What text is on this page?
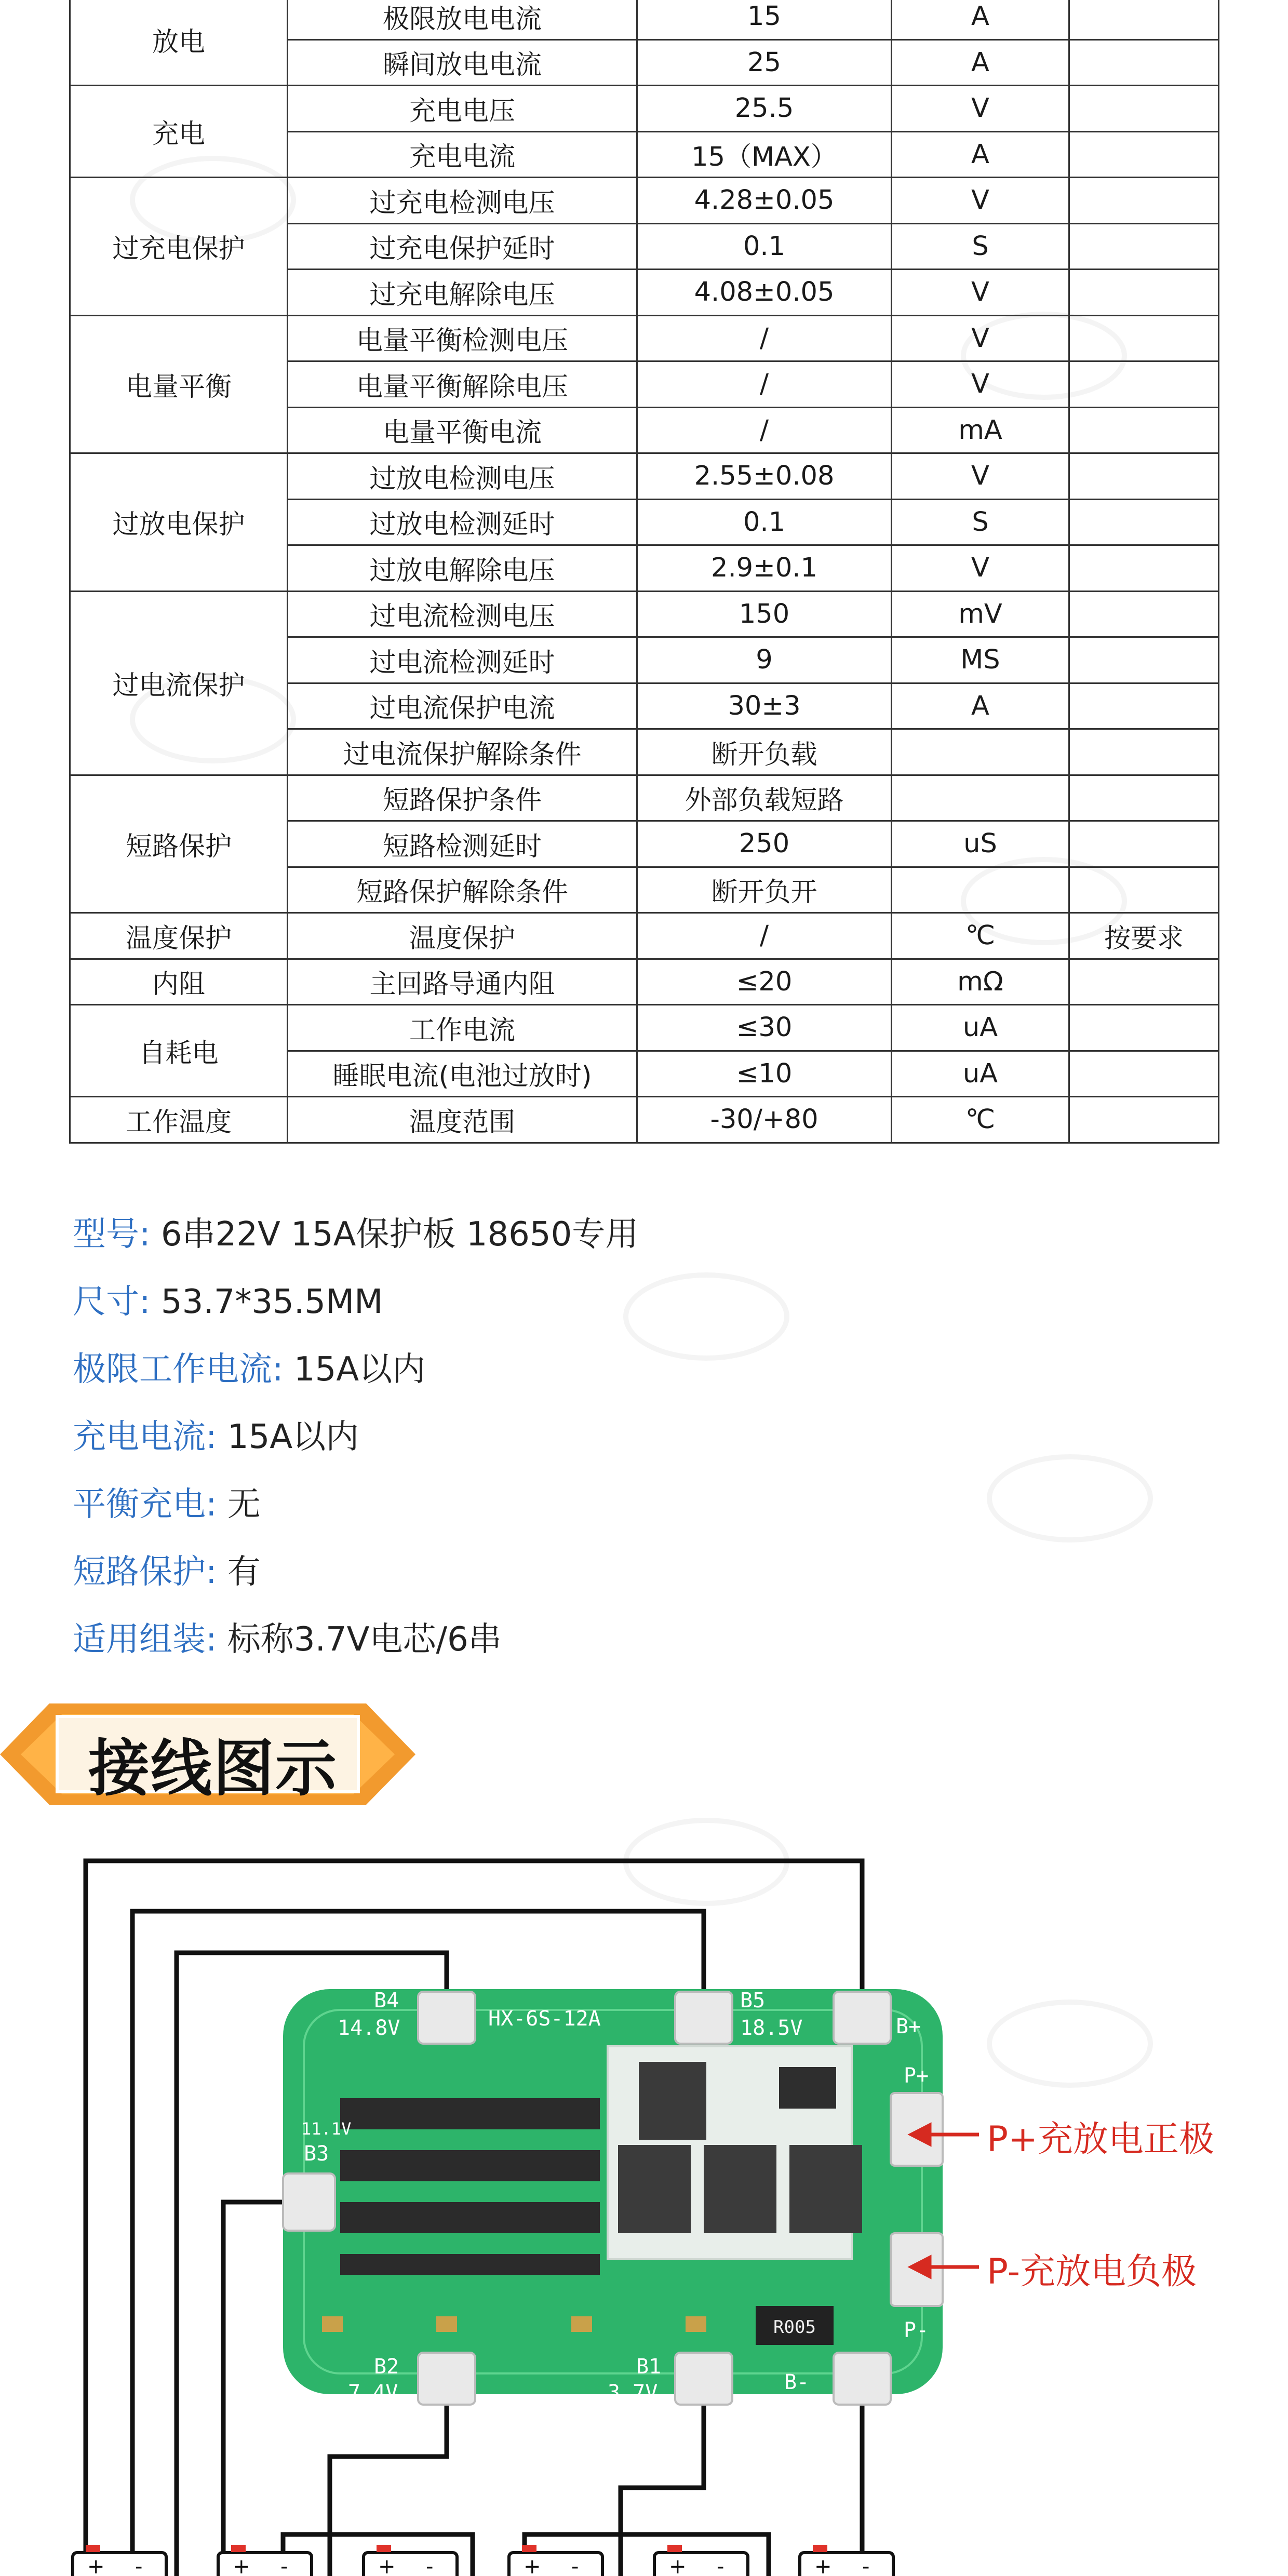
放电	极限放电电流	15	A	
	瞬间放电电流	25	A	
充电	充电电压	25.5	V	
	充电电流	15（MAX）	A	
过充电保护	过充电检测电压	4.28±0.05	V	
	过充电保护延时	0.1	S	
	过充电解除电压	4.08±0.05	V	
电量平衡	电量平衡检测电压	/	V	
	电量平衡解除电压	/	V	
	电量平衡电流	/	mA	
过放电保护	过放电检测电压	2.55±0.08	V	
	过放电检测延时	0.1	S	
	过放电解除电压	2.9±0.1	V	
过电流保护	过电流检测电压	150	mV	
	过电流检测延时	9	MS	
	过电流保护电流	30±3	A	
	过电流保护解除条件	断开负载		
短路保护	短路保护条件	外部负载短路		
	短路检测延时	250	uS	
	短路保护解除条件	断开负开		
温度保护	温度保护	/	℃	按要求
内阻	主回路导通内阻	≤20	mΩ	
自耗电	工作电流	≤30	uA	
	睡眠电流(电池过放时)	≤10	uA	
工作温度	温度范围	-30/+80	℃	
型号: 6串22V 15A保护板 18650专用
尺寸: 53.7*35.5MM
极限工作电流: 15A以内
充电电流: 15A以内
平衡充电: 无
短路保护: 有
适用组装: 标称3.7V电芯/6串
接线图示
R005
HX-6S-12A
B4
14.8V
B5
18.5V	B+
B3
11.1V
B2
7.4V
B1
3.7V	B-
P+
P-
+ -	+ -	+ -	+ -	+ -	+ -
P+充放电正极
P-充放电负极
